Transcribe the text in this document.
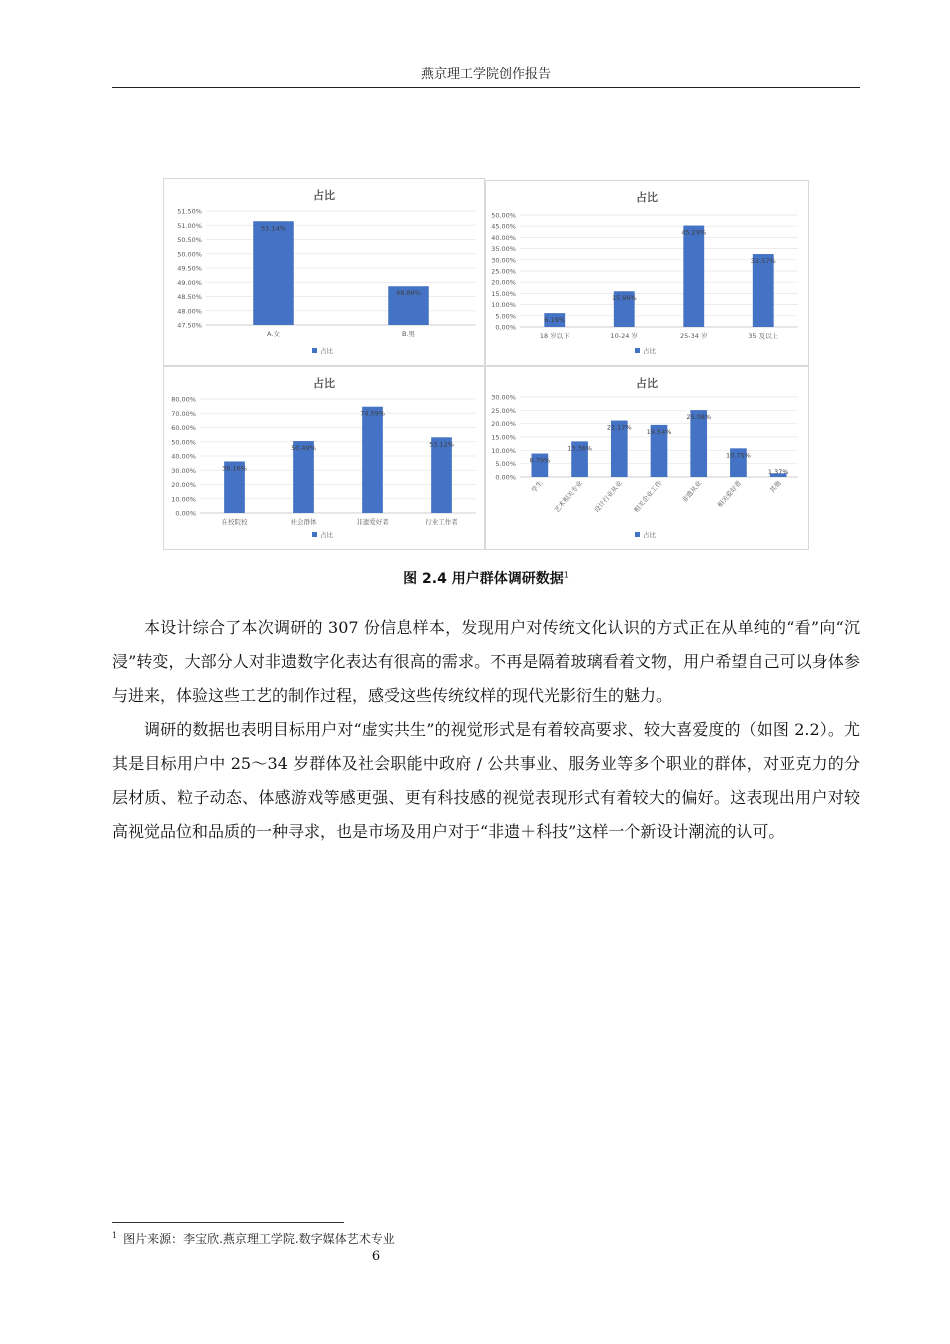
燕京理工学院创作报告
占比
47.50%
48.00%
48.50%
49.00%
49.50%
50.00%
50.50%
51.00%
51.50%
51.14%
A.女
48.86%
B.男
占比
占比
0.00%
5.00%
10.00%
15.00%
20.00%
25.00%
30.00%
35.00%
40.00%
45.00%
50.00%
6.19%
18 岁以下
15.96%
10-24 岁
45.29%
25-34 岁
32.57%
35 及以上
占比
占比
0.00%
10.00%
20.00%
30.00%
40.00%
50.00%
60.00%
70.00%
80.00%
36.16%
在校院校
50.49%
社会群体
74.59%
非遗爱好者
53.12%
行业工作者
占比
占比
0.00%
5.00%
10.00%
15.00%
20.00%
25.00%
30.00%
8.79%
学生
13.36%
艺术相关专业
21.17%
设计行业从业
19.54%
相关企业工作
25.08%
非遗从业
10.75%
相关爱好者
1.37%
其他
占比
图 2.4 用户群体调研数据$^1$

本设计综合了本次调研的 307 份信息样本，发现用户对传统文化认识的方式正在从单纯的“看”向“沉浸”转变，大部分人对非遗数字化表达有很高的需求。不再是隔着玻璃看着文物，用户希望自己可以身体参与进来，体验这些工艺的制作过程，感受这些传统纹样的现代光影衍生的魅力。

调研的数据也表明目标用户对“虚实共生”的视觉形式是有着较高要求、较大喜爱度的（如图 2.2）。尤其是目标用户中 25～34 岁群体及社会职能中政府 / 公共事业、服务业等多个职业的群体，对亚克力的分层材质、粒子动态、体感游戏等感更强、更有科技感的视觉表现形式有着较大的偏好。这表现出用户对较高视觉品位和品质的一种寻求，也是市场及用户对于“非遗＋科技”这样一个新设计潮流的认可。

$^1$ 图片来源：李宝欣.燕京理工学院.数字媒体艺术专业
6
